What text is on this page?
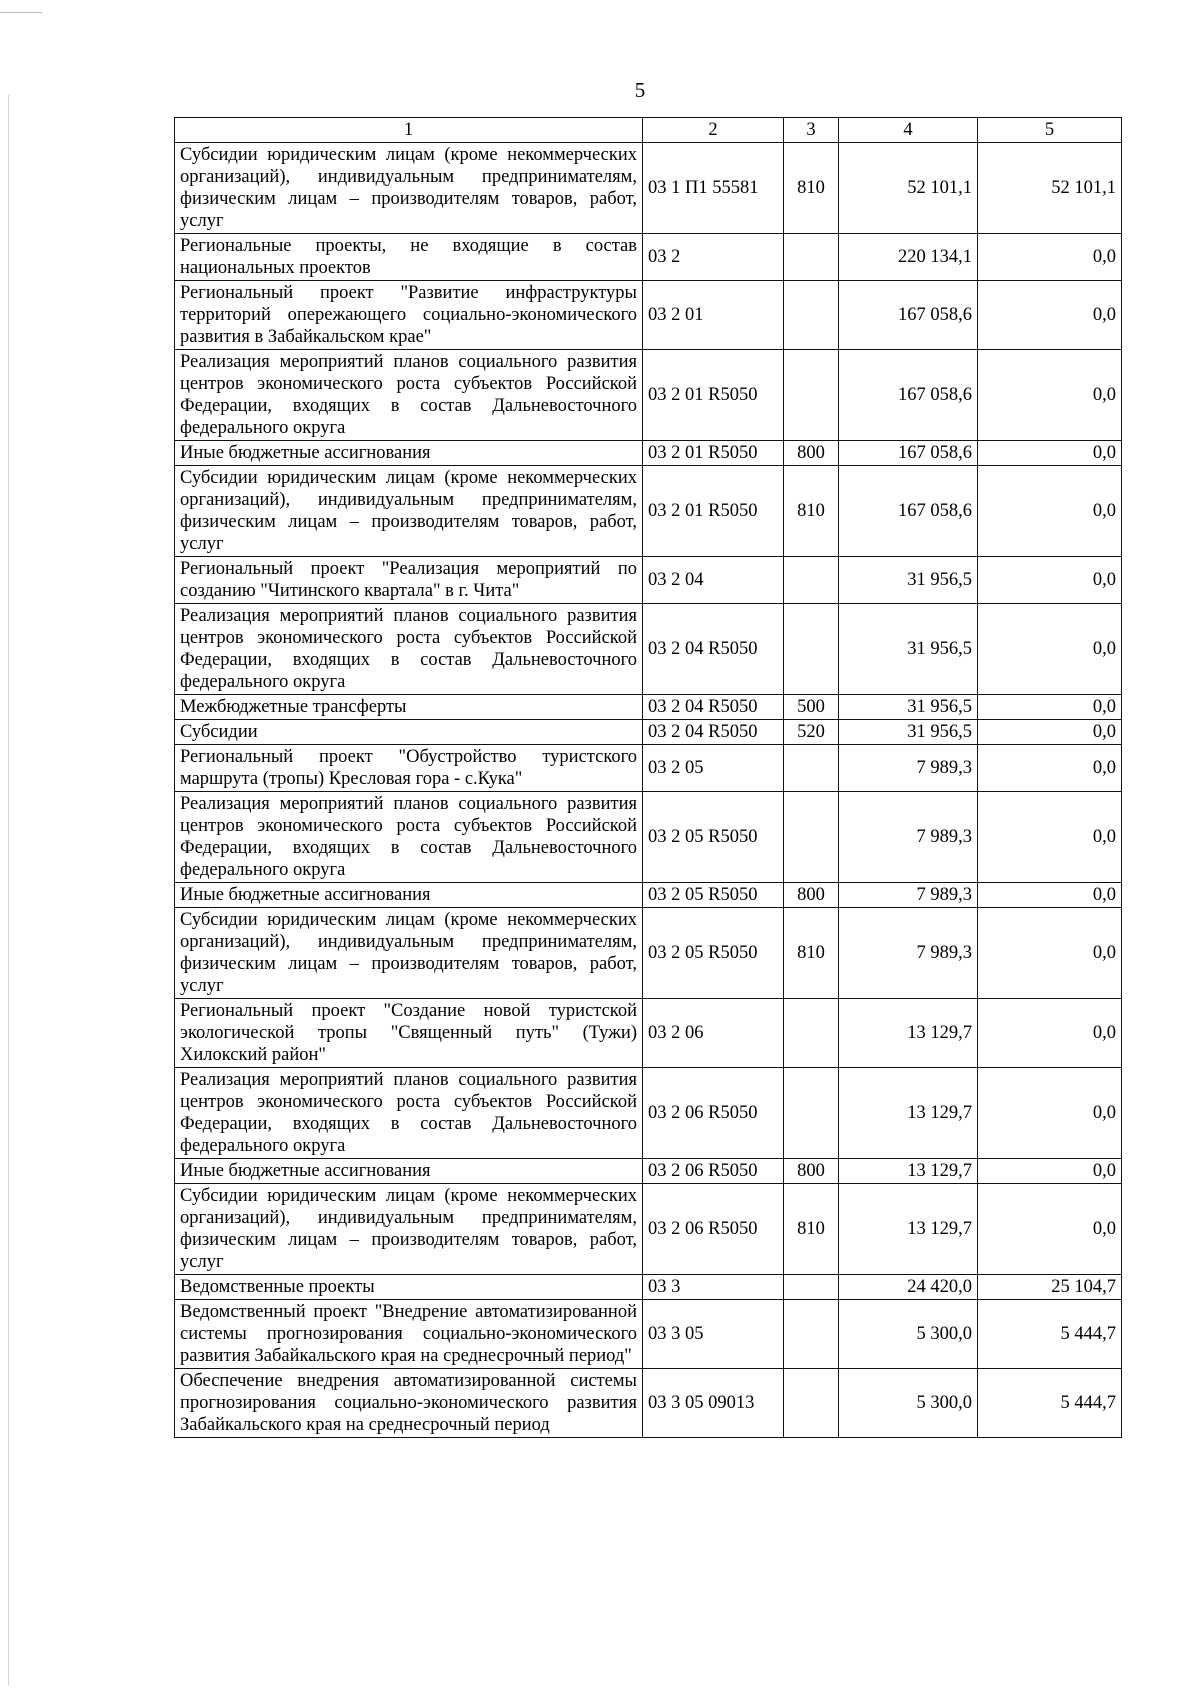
5
1	2	3	4	5
Субсидии юридическим лицам (кроме некоммерческих организаций), индивидуальным предпринимателям, физическим лицам – производителям товаров, работ, услуг	03 1 П1 55581	810	52 101,1	52 101,1
Региональные проекты, не входящие в состав национальных проектов	03 2		220 134,1	0,0
Региональный проект "Развитие инфраструктуры территорий опережающего социально-экономического развития в Забайкальском крае"	03 2 01		167 058,6	0,0
Реализация мероприятий планов социального развития центров экономического роста субъектов Российской Федерации, входящих в состав Дальневосточного федерального округа	03 2 01 R5050		167 058,6	0,0
Иные бюджетные ассигнования	03 2 01 R5050	800	167 058,6	0,0
Субсидии юридическим лицам (кроме некоммерческих организаций), индивидуальным предпринимателям, физическим лицам – производителям товаров, работ, услуг	03 2 01 R5050	810	167 058,6	0,0
Региональный проект "Реализация мероприятий по созданию "Читинского квартала" в г. Чита"	03 2 04		31 956,5	0,0
Реализация мероприятий планов социального развития центров экономического роста субъектов Российской Федерации, входящих в состав Дальневосточного федерального округа	03 2 04 R5050		31 956,5	0,0
Межбюджетные трансферты	03 2 04 R5050	500	31 956,5	0,0
Субсидии	03 2 04 R5050	520	31 956,5	0,0
Региональный проект "Обустройство туристского маршрута (тропы) Кресловая гора - с.Кука"	03 2 05		7 989,3	0,0
Реализация мероприятий планов социального развития центров экономического роста субъектов Российской Федерации, входящих в состав Дальневосточного федерального округа	03 2 05 R5050		7 989,3	0,0
Иные бюджетные ассигнования	03 2 05 R5050	800	7 989,3	0,0
Субсидии юридическим лицам (кроме некоммерческих организаций), индивидуальным предпринимателям, физическим лицам – производителям товаров, работ, услуг	03 2 05 R5050	810	7 989,3	0,0
Региональный проект "Создание новой туристской экологической тропы "Священный путь" (Тужи) Хилокский район"	03 2 06		13 129,7	0,0
Реализация мероприятий планов социального развития центров экономического роста субъектов Российской Федерации, входящих в состав Дальневосточного федерального округа	03 2 06 R5050		13 129,7	0,0
Иные бюджетные ассигнования	03 2 06 R5050	800	13 129,7	0,0
Субсидии юридическим лицам (кроме некоммерческих организаций), индивидуальным предпринимателям, физическим лицам – производителям товаров, работ, услуг	03 2 06 R5050	810	13 129,7	0,0
Ведомственные проекты	03 3		24 420,0	25 104,7
Ведомственный проект "Внедрение автоматизированной системы прогнозирования социально-экономического развития Забайкальского края на среднесрочный период"	03 3 05		5 300,0	5 444,7
Обеспечение внедрения автоматизированной системы прогнозирования социально-экономического развития Забайкальского края на среднесрочный период	03 3 05 09013		5 300,0	5 444,7
